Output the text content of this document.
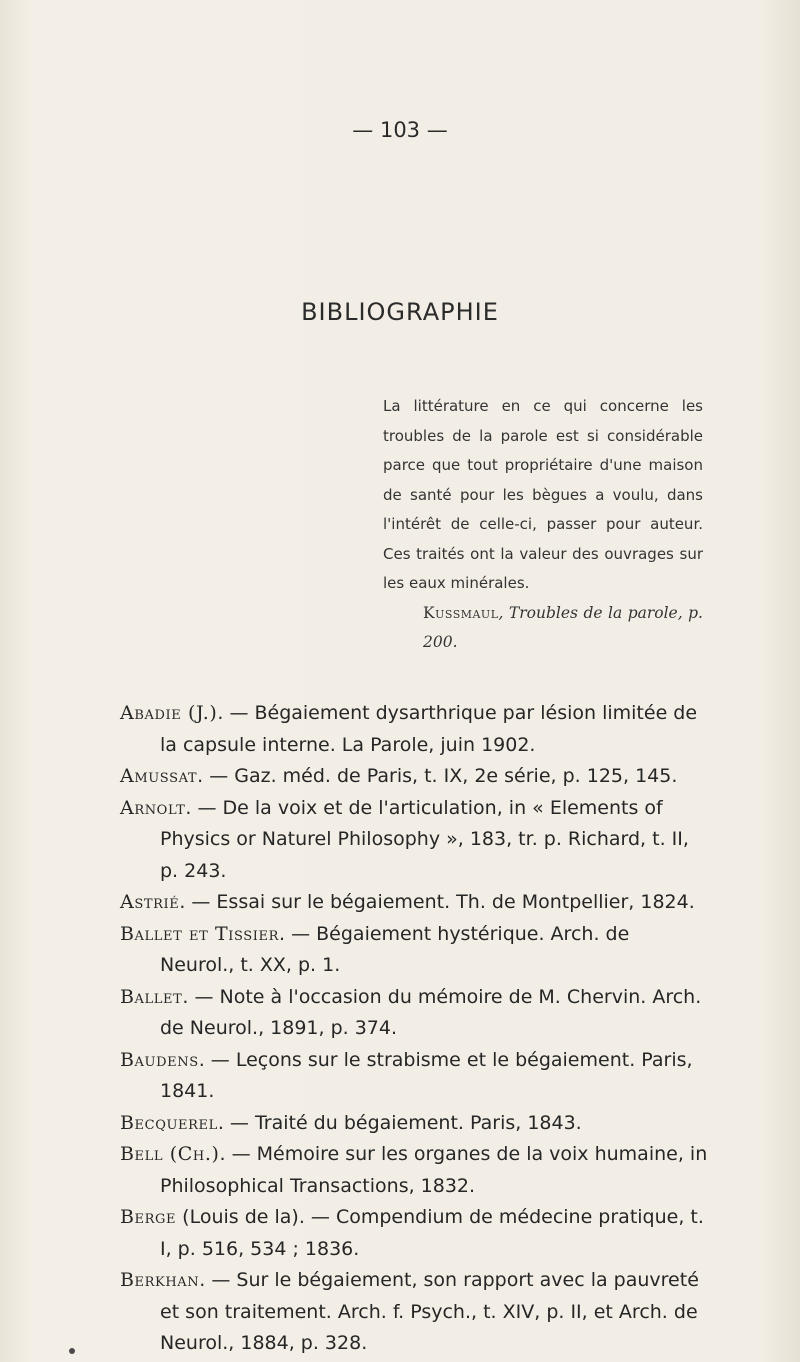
— 103 —
BIBLIOGRAPHIE

La littérature en ce qui concerne les troubles de la parole est si considérable parce que tout propriétaire d'une maison de santé pour les bègues a voulu, dans l'intérêt de celle-ci, passer pour auteur. Ces traités ont la valeur des ouvrages sur les eaux minérales.

Kussmaul, Troubles de la parole, p. 200.

Abadie (J.). — Bégaiement dysarthrique par lésion limitée de la capsule interne. La Parole, juin 1902.

Amussat. — Gaz. méd. de Paris, t. IX, 2e série, p. 125, 145.

Arnolt. — De la voix et de l'articulation, in « Elements of Physics or Naturel Philosophy », 183, tr. p. Richard, t. II, p. 243.

Astrié. — Essai sur le bégaiement. Th. de Montpellier, 1824.

Ballet et Tissier. — Bégaiement hystérique. Arch. de Neurol., t. XX, p. 1.

Ballet. — Note à l'occasion du mémoire de M. Chervin. Arch. de Neurol., 1891, p. 374.

Baudens. — Leçons sur le strabisme et le bégaiement. Paris, 1841.

Becquerel. — Traité du bégaiement. Paris, 1843.

Bell (Ch.). — Mémoire sur les organes de la voix humaine, in Philosophical Transactions, 1832.

Berge (Louis de la). — Compendium de médecine pratique, t. I, p. 516, 534 ; 1836.

Berkhan. — Sur le bégaiement, son rapport avec la pauvreté et son traitement. Arch. f. Psych., t. XIV, p. II, et Arch. de Neurol., 1884, p. 328.
